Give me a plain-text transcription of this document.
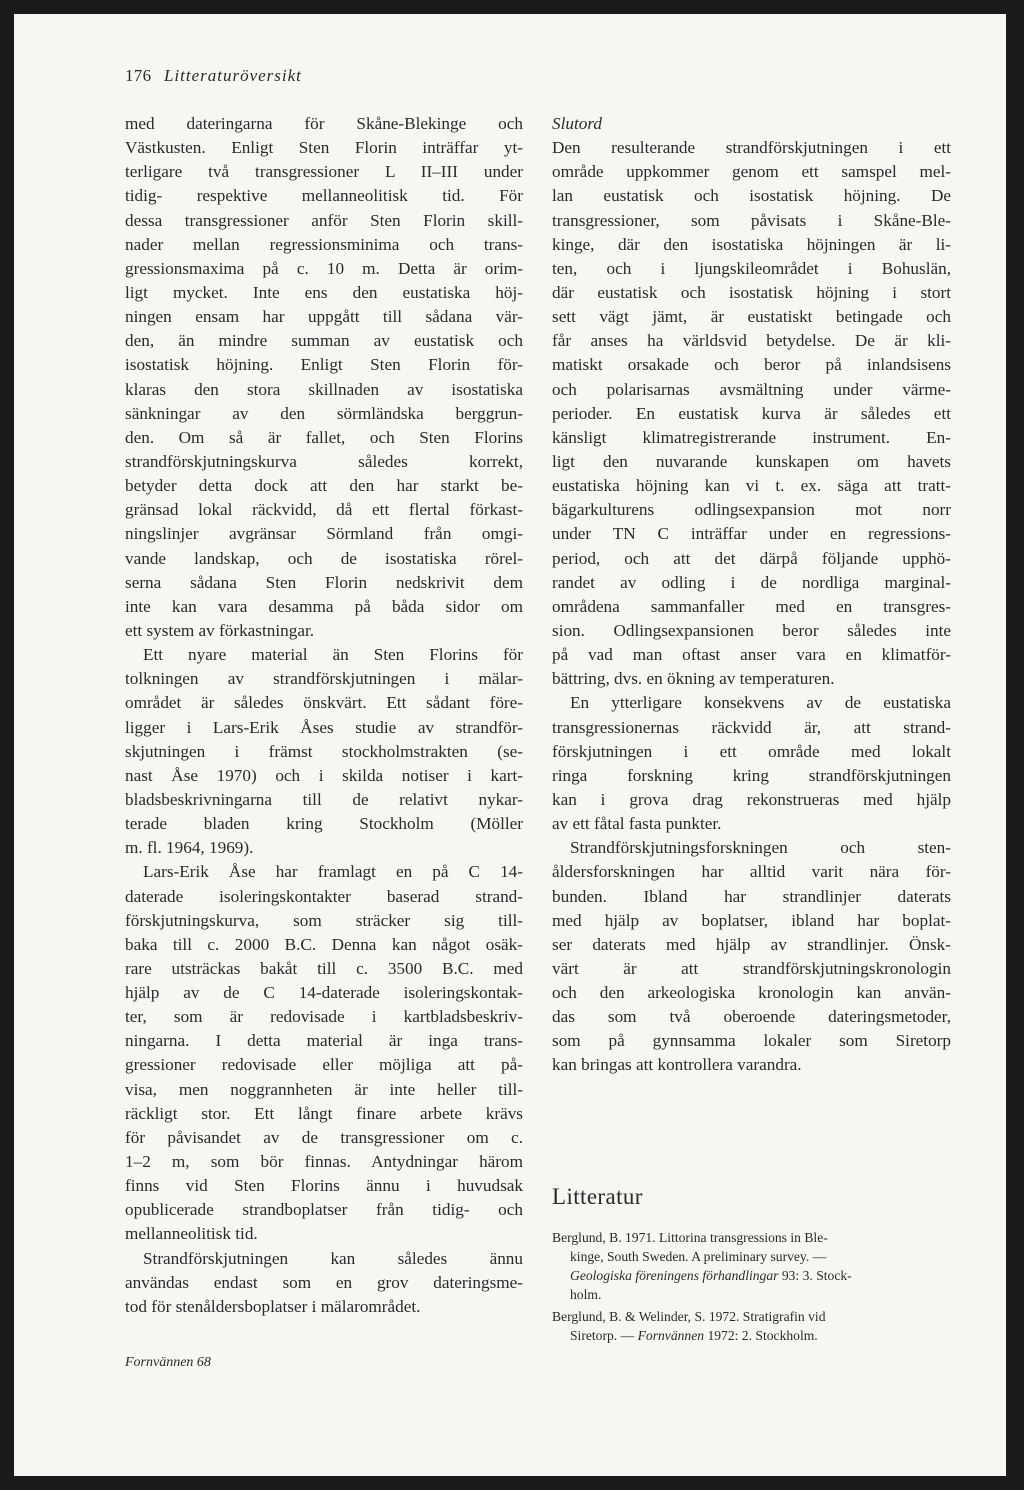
176 Litteraturöversikt
med dateringarna för Skåne-Blekinge och
Västkusten. Enligt Sten Florin inträffar yt-
terligare två transgressioner L II–III under
tidig- respektive mellanneolitisk tid. För
dessa transgressioner anför Sten Florin skill-
nader mellan regressionsminima och trans-
gressionsmaxima på c. 10 m. Detta är orim-
ligt mycket. Inte ens den eustatiska höj-
ningen ensam har uppgått till sådana vär-
den, än mindre summan av eustatisk och
isostatisk höjning. Enligt Sten Florin för-
klaras den stora skillnaden av isostatiska
sänkningar av den sörmländska berggrun-
den. Om så är fallet, och Sten Florins
strandförskjutningskurva således korrekt,
betyder detta dock att den har starkt be-
gränsad lokal räckvidd, då ett flertal förkast-
ningslinjer avgränsar Sörmland från omgi-
vande landskap, och de isostatiska rörel-
serna sådana Sten Florin nedskrivit dem
inte kan vara desamma på båda sidor om
ett system av förkastningar.
Ett nyare material än Sten Florins för
tolkningen av strandförskjutningen i mälar-
området är således önskvärt. Ett sådant före-
ligger i Lars-Erik Åses studie av strandför-
skjutningen i främst stockholmstrakten (se-
nast Åse 1970) och i skilda notiser i kart-
bladsbeskrivningarna till de relativt nykar-
terade bladen kring Stockholm (Möller
m. fl. 1964, 1969).
Lars-Erik Åse har framlagt en på C 14-
daterade isoleringskontakter baserad strand-
förskjutningskurva, som sträcker sig till-
baka till c. 2000 B.C. Denna kan något osäk-
rare utsträckas bakåt till c. 3500 B.C. med
hjälp av de C 14-daterade isoleringskontak-
ter, som är redovisade i kartbladsbeskriv-
ningarna. I detta material är inga trans-
gressioner redovisade eller möjliga att på-
visa, men noggrannheten är inte heller till-
räckligt stor. Ett långt finare arbete krävs
för påvisandet av de transgressioner om c.
1–2 m, som bör finnas. Antydningar härom
finns vid Sten Florins ännu i huvudsak
opublicerade strandboplatser från tidig- och
mellanneolitisk tid.
Strandförskjutningen kan således ännu
användas endast som en grov dateringsme-
tod för stenåldersboplatser i mälarområdet.
Slutord
Den resulterande strandförskjutningen i ett
område uppkommer genom ett samspel mel-
lan eustatisk och isostatisk höjning. De
transgressioner, som påvisats i Skåne-Ble-
kinge, där den isostatiska höjningen är li-
ten, och i ljungskileområdet i Bohuslän,
där eustatisk och isostatisk höjning i stort
sett vägt jämt, är eustatiskt betingade och
får anses ha världsvid betydelse. De är kli-
matiskt orsakade och beror på inlandsisens
och polarisarnas avsmältning under värme-
perioder. En eustatisk kurva är således ett
känsligt klimatregistrerande instrument. En-
ligt den nuvarande kunskapen om havets
eustatiska höjning kan vi t. ex. säga att tratt-
bägarkulturens odlingsexpansion mot norr
under TN C inträffar under en regressions-
period, och att det därpå följande upphö-
randet av odling i de nordliga marginal-
områdena sammanfaller med en transgres-
sion. Odlingsexpansionen beror således inte
på vad man oftast anser vara en klimatför-
bättring, dvs. en ökning av temperaturen.
En ytterligare konsekvens av de eustatiska
transgressionernas räckvidd är, att strand-
förskjutningen i ett område med lokalt
ringa forskning kring strandförskjutningen
kan i grova drag rekonstrueras med hjälp
av ett fåtal fasta punkter.
Strandförskjutningsforskningen och sten-
åldersforskningen har alltid varit nära för-
bunden. Ibland har strandlinjer daterats
med hjälp av boplatser, ibland har boplat-
ser daterats med hjälp av strandlinjer. Önsk-
värt är att strandförskjutningskronologin
och den arkeologiska kronologin kan använ-
das som två oberoende dateringsmetoder,
som på gynnsamma lokaler som Siretorp
kan bringas att kontrollera varandra.
Litteratur
Berglund, B. 1971. Littorina transgressions in Ble-
kinge, South Sweden. A preliminary survey. —
Geologiska föreningens förhandlingar 93: 3. Stock-
holm.
Berglund, B. & Welinder, S. 1972. Stratigrafin vid
Siretorp. — Fornvännen 1972: 2. Stockholm.
Fornvännen 68
